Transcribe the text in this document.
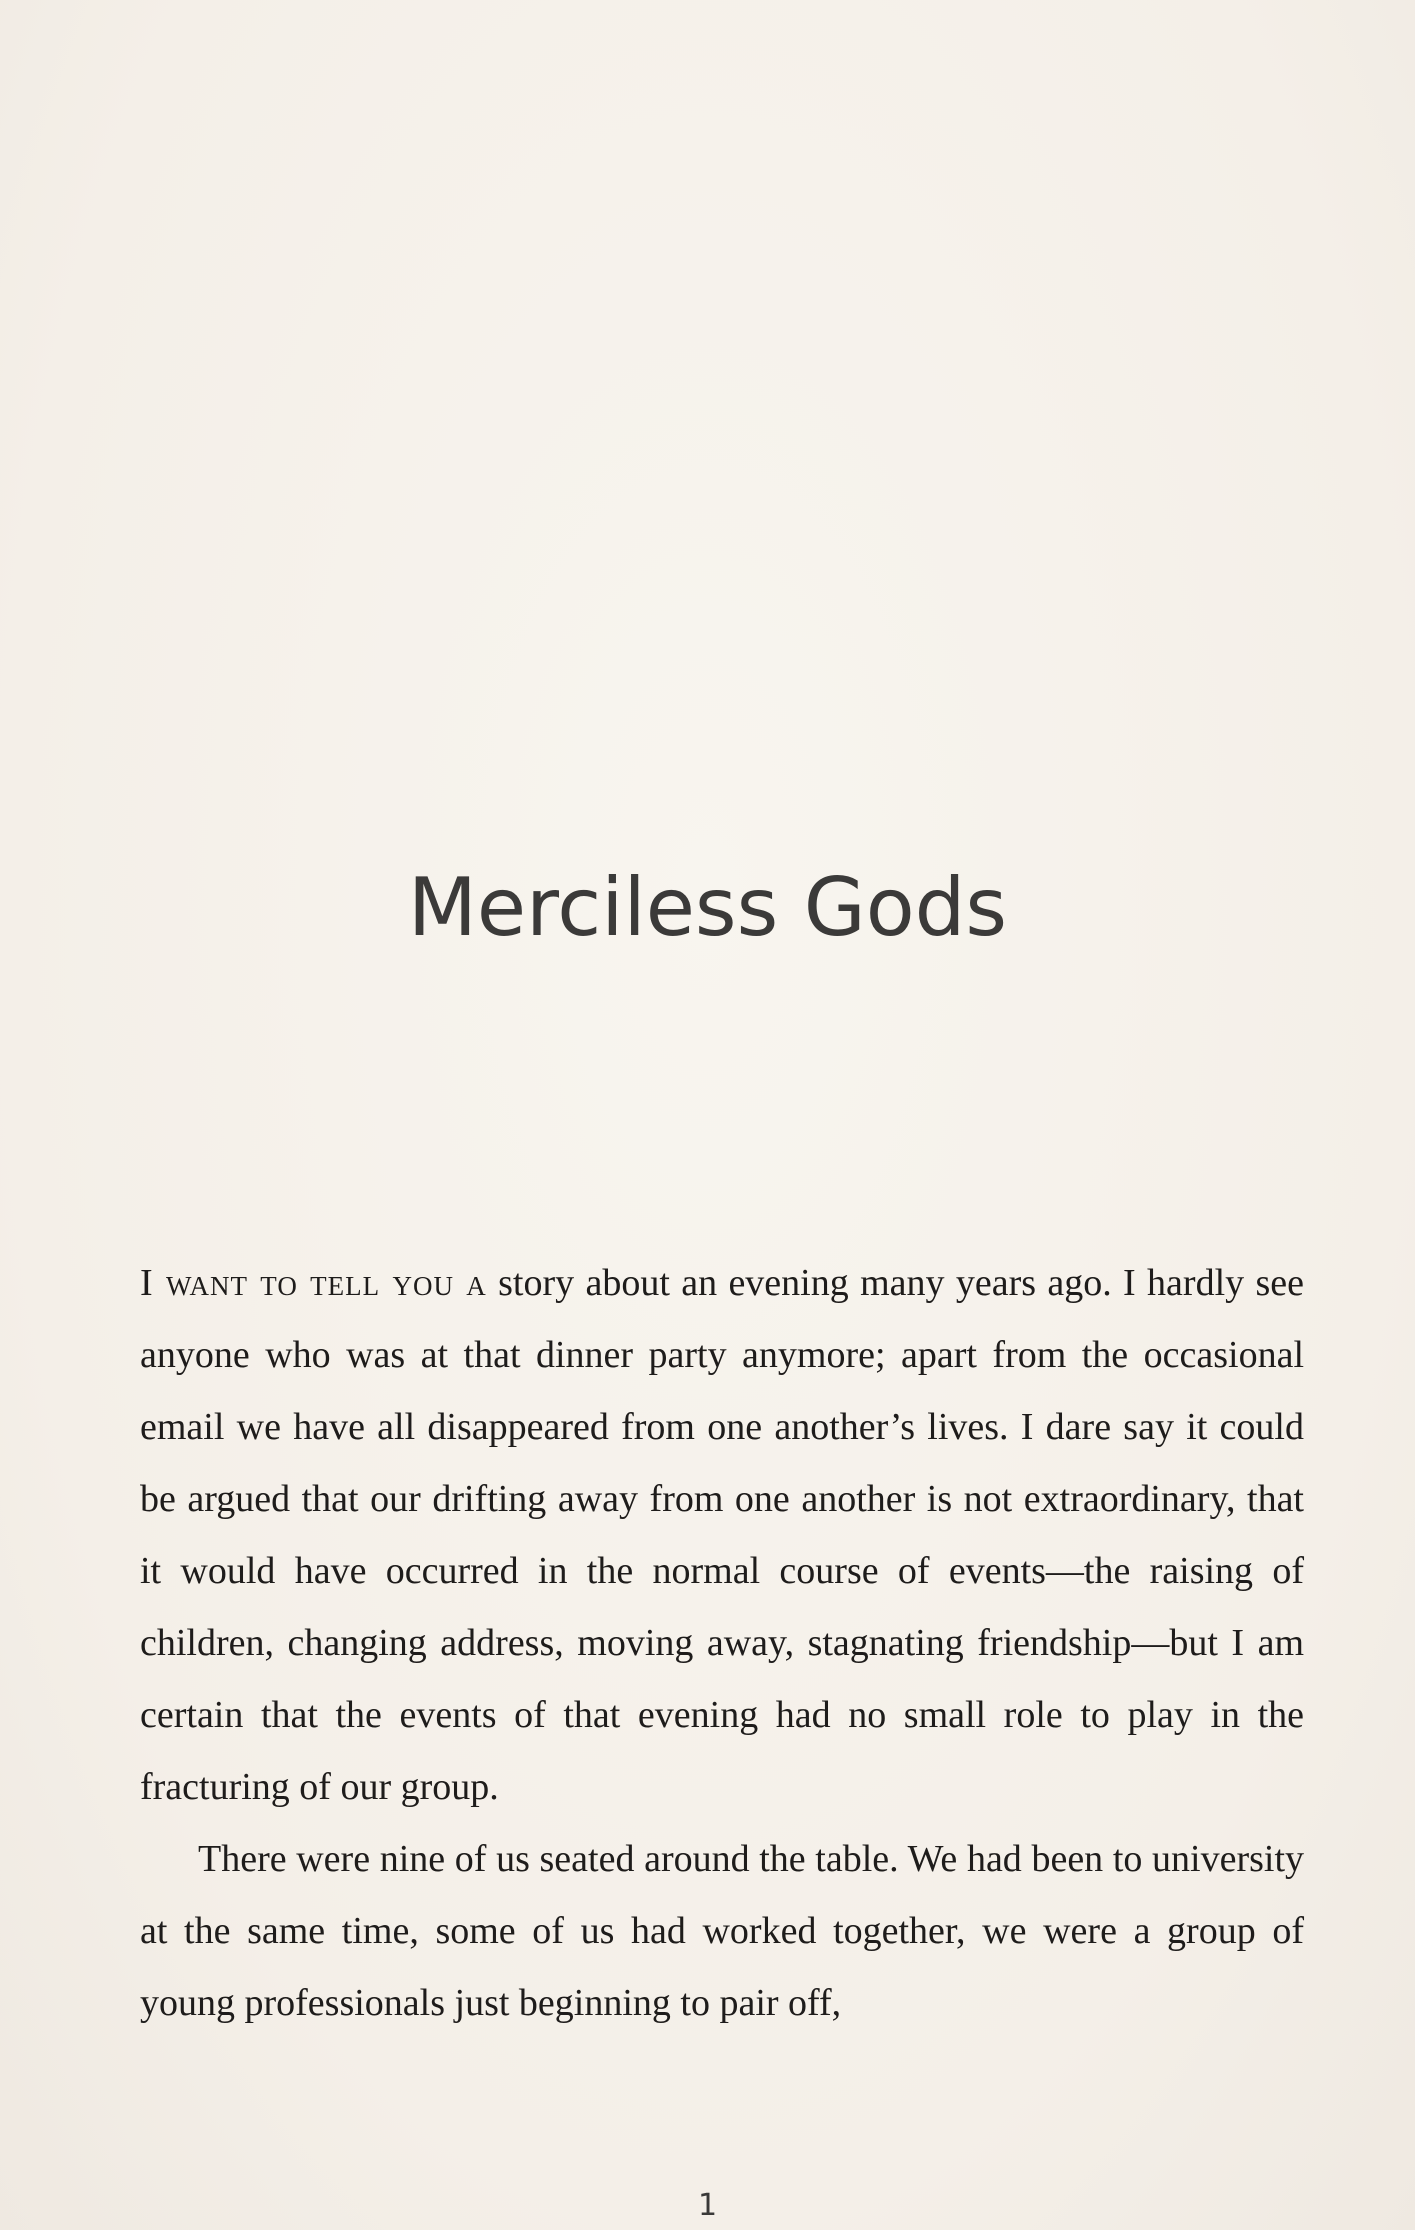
Merciless Gods

I want to tell you a story about an evening many years ago. I hardly see anyone who was at that dinner party anymore; apart from the occasional email we have all disappeared from one another’s lives. I dare say it could be argued that our drifting away from one another is not extraordinary, that it would have occurred in the normal course of events—the raising of children, changing address, moving away, stagnating friendship—but I am certain that the events of that evening had no small role to play in the fracturing of our group.

There were nine of us seated around the table. We had been to university at the same time, some of us had worked together, we were a group of young professionals just beginning to pair off,

1
